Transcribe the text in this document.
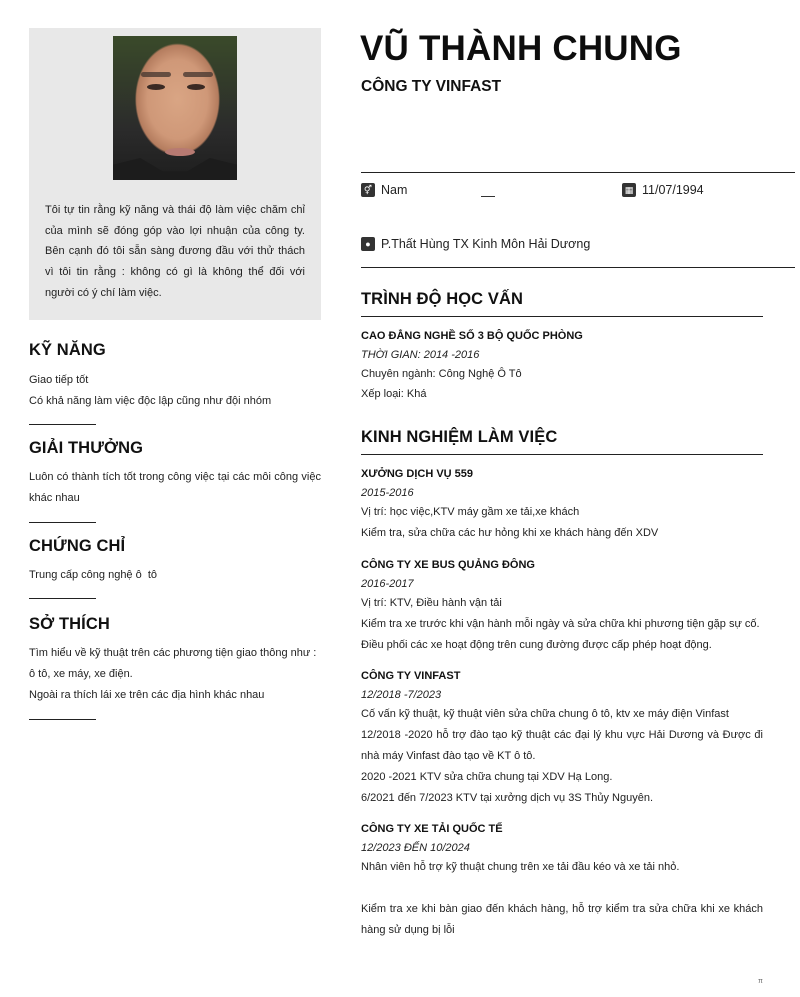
Tôi tự tin rằng kỹ năng và thái độ làm việc chăm chỉ của mình sẽ đóng góp vào lợi nhuận của công ty. Bên cạnh đó tôi sẵn sàng đương đầu với thử thách vì tôi tin rằng : không có gì là không thể đối với người có ý chí làm việc.

KỸ NĂNG

Giao tiếp tốt

Có khả năng làm việc độc lập cũng như đội nhóm

GIẢI THƯỞNG

Luôn có thành tích tốt trong công việc tại các môi công việc khác nhau

CHỨNG CHỈ

Trung cấp công nghệ ô  tô

SỞ THÍCH

Tìm hiểu về kỹ thuật trên các phương tiện giao thông như : ô tô, xe máy, xe điện.

Ngoài ra thích lái xe trên các địa hình khác nhau

VŨ THÀNH CHUNG
CÔNG TY VINFAST
⚥ Nam	▦ 11/07/1994
● P.Thất Hùng TX Kinh Môn Hải Dương
TRÌNH ĐỘ HỌC VẤN
CAO ĐẲNG NGHỀ SỐ 3 BỘ QUỐC PHÒNG
THỜI GIAN: 2014 -2016
Chuyên ngành: Công Nghệ Ô Tô
Xếp loại: Khá
KINH NGHIỆM LÀM VIỆC
XƯỞNG DỊCH VỤ 559
2015-2016
Vị trí: học việc,KTV máy gầm xe tải,xe khách
Kiểm tra, sửa chữa các hư hỏng khi xe khách hàng đến XDV
CÔNG TY XE BUS QUẢNG ĐÔNG
2016-2017
Vị trí: KTV, Điều hành vận tải
Kiểm tra xe trước khi vận hành mỗi ngày và sửa chữa khi phương tiện gặp sự cố.
Điều phối các xe hoạt động trên cung đường được cấp phép hoạt động.
CÔNG TY VINFAST
12/2018 -7/2023
Cố vấn kỹ thuật, kỹ thuật viên sửa chữa chung ô tô, ktv xe máy điện Vinfast
12/2018 -2020 hỗ trợ đào tạo kỹ thuật các đại lý khu vực Hải Dương và Được đi nhà máy Vinfast đào tạo về KT ô tô.
2020 -2021 KTV sửa chữa chung tại XDV Hạ Long.
6/2021 đến 7/2023 KTV tại xưởng dịch vụ 3S Thủy Nguyên.
CÔNG TY XE TẢI QUỐC TẾ
12/2023 ĐẾN 10/2024
Nhân viên hỗ trợ kỹ thuật chung trên xe tải đầu kéo và xe tải nhỏ.
Kiểm tra xe khi bàn giao đến khách hàng, hỗ trợ kiểm tra sửa chữa khi xe khách hàng sử dụng bị lỗi
π
